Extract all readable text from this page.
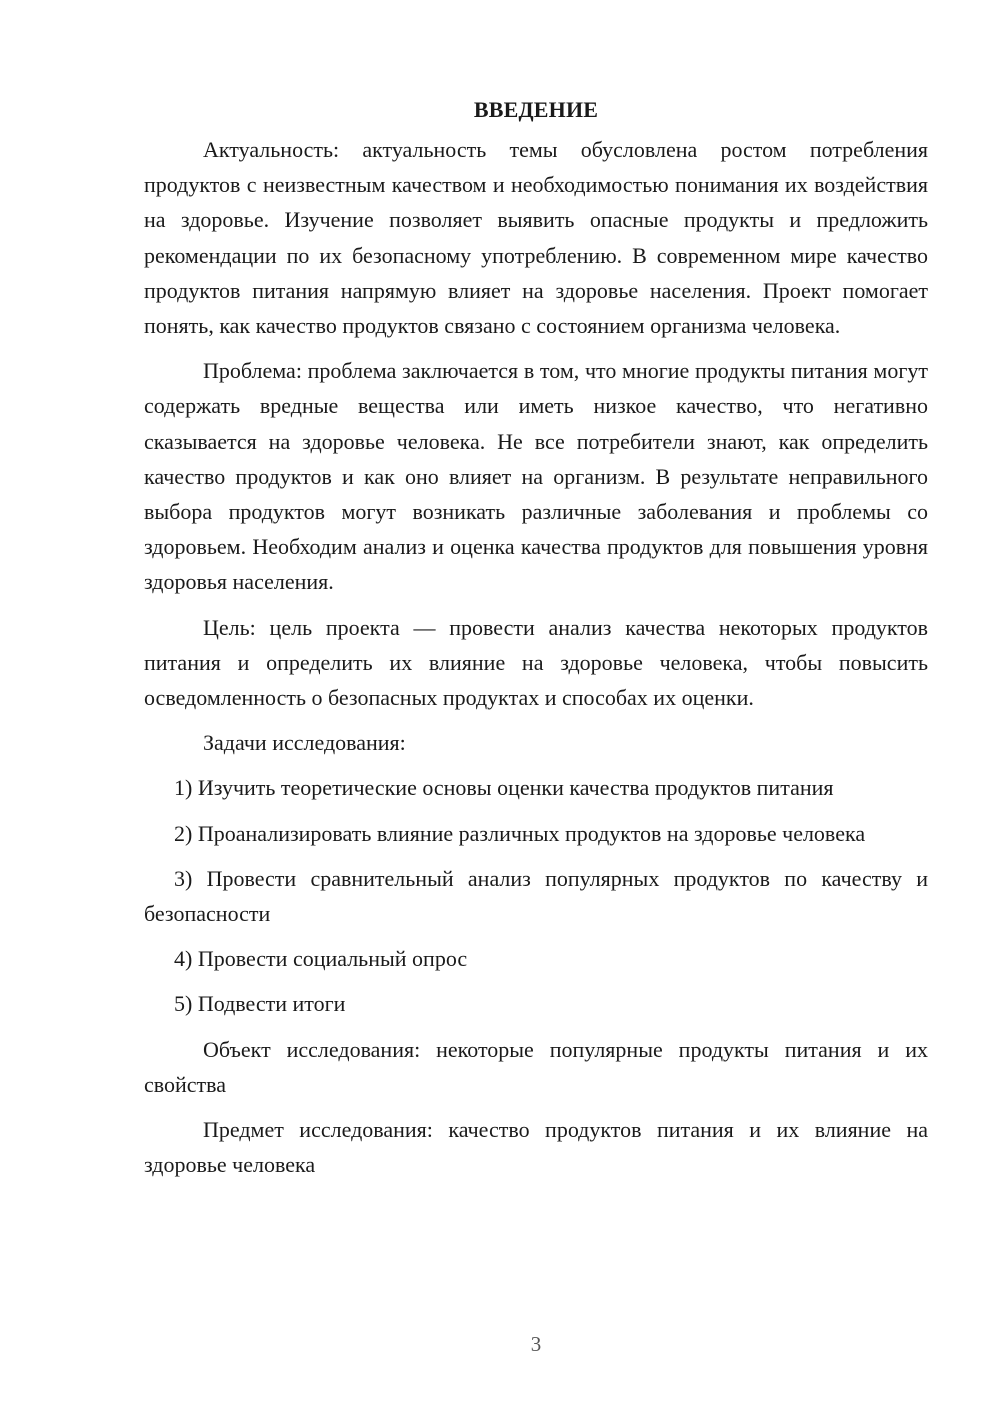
ВВЕДЕНИЕ

Актуальность: актуальность темы обусловлена ростом потребления продуктов с неизвестным качеством и необходимостью понимания их воздействия на здоровье. Изучение позволяет выявить опасные продукты и предложить рекомендации по их безопасному употреблению. В современном мире качество продуктов питания напрямую влияет на здоровье населения. Проект помогает понять, как качество продуктов связано с состоянием организма человека.

Проблема: проблема заключается в том, что многие продукты питания могут содержать вредные вещества или иметь низкое качество, что негативно сказывается на здоровье человека. Не все потребители знают, как определить качество продуктов и как оно влияет на организм. В результате неправильного выбора продуктов могут возникать различные заболевания и проблемы со здоровьем. Необходим анализ и оценка качества продуктов для повышения уровня здоровья населения.

Цель: цель проекта — провести анализ качества некоторых продуктов питания и определить их влияние на здоровье человека, чтобы повысить осведомленность о безопасных продуктах и способах их оценки.

Задачи исследования:

1) Изучить теоретические основы оценки качества продуктов питания

2) Проанализировать влияние различных продуктов на здоровье человека

3) Провести сравнительный анализ популярных продуктов по качеству и безопасности

4) Провести социальный опрос

5) Подвести итоги

Объект исследования: некоторые популярные продукты питания и их свойства

Предмет исследования: качество продуктов питания и их влияние на здоровье человека

3
